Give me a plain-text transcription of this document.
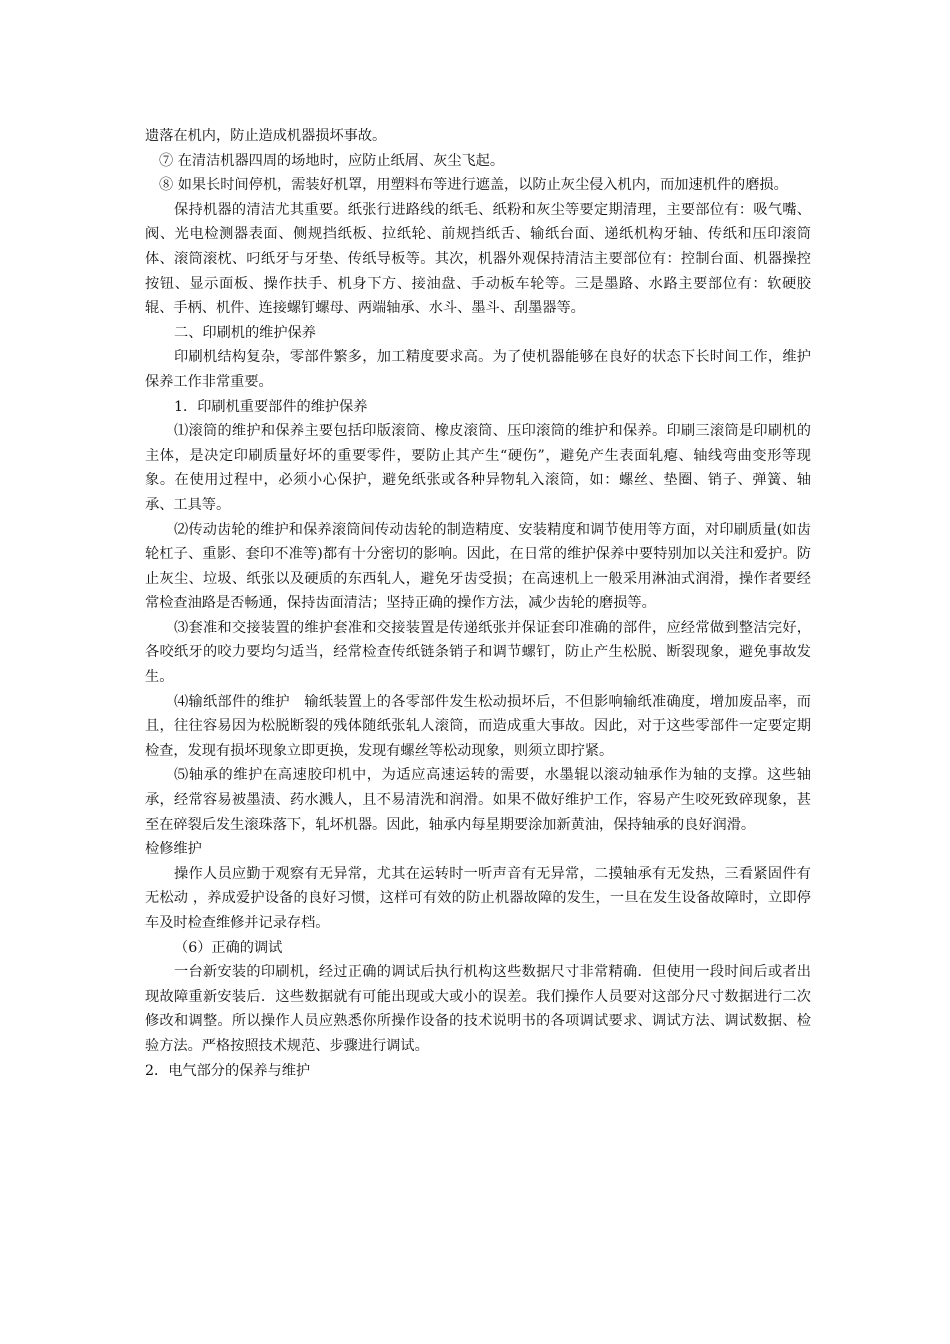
遗落在机内，防止造成机器损坏事故。

⑦ 在清洁机器四周的场地时，应防止纸屑、灰尘飞起。

⑧ 如果长时间停机，需装好机罩，用塑料布等进行遮盖，以防止灰尘侵入机内，而加速机件的磨损。

保持机器的清洁尤其重要。纸张行进路线的纸毛、纸粉和灰尘等要定期清理，主要部位有：吸气嘴、阀、光电检测器表面、侧规挡纸板、拉纸轮、前规挡纸舌、输纸台面、递纸机构牙轴、传纸和压印滚筒体、滚筒滚枕、叼纸牙与牙垫、传纸导板等。其次，机器外观保持清洁主要部位有：控制台面、机器操控按钮、显示面板、操作扶手、机身下方、接油盘、手动板车轮等。三是墨路、水路主要部位有：软硬胶辊、手柄、机件、连接螺钉螺母、两端轴承、水斗、墨斗、刮墨器等。

二、印刷机的维护保养

印刷机结构复杂，零部件繁多，加工精度要求高。为了使机器能够在良好的状态下长时间工作，维护保养工作非常重要。

1．印刷机重要部件的维护保养

⑴滚筒的维护和保养主要包括印版滚筒、橡皮滚筒、压印滚筒的维护和保养。印刷三滚筒是印刷机的主体，是决定印刷质量好坏的重要零件，要防止其产生“硬伤”，避免产生表面轧瘪、轴线弯曲变形等现象。在使用过程中，必须小心保护，避免纸张或各种异物轧入滚筒，如：螺丝、垫圈、销子、弹簧、轴承、工具等。

⑵传动齿轮的维护和保养滚筒间传动齿轮的制造精度、安装精度和调节使用等方面，对印刷质量(如齿轮杠子、重影、套印不准等)都有十分密切的影响。因此，在日常的维护保养中要特别加以关注和爱护。防止灰尘、垃圾、纸张以及硬质的东西轧人，避免牙齿受损；在高速机上一般采用淋油式润滑，操作者要经常检查油路是否畅通，保持齿面清洁；坚持正确的操作方法，减少齿轮的磨损等。

⑶套准和交接装置的维护套准和交接装置是传递纸张并保证套印准确的部件，应经常做到整洁完好，各咬纸牙的咬力要均匀适当，经常检查传纸链条销子和调节螺钉，防止产生松脱、断裂现象，避免事故发生。

⑷输纸部件的维护　输纸装置上的各零部件发生松动损坏后，不但影响输纸准确度，增加废品率，而且，往往容易因为松脱断裂的残体随纸张轧人滚筒，而造成重大事故。因此，对于这些零部件一定要定期检查，发现有损坏现象立即更换，发现有螺丝等松动现象，则须立即拧紧。

⑸轴承的维护在高速胶印机中，为适应高速运转的需要，水墨辊以滚动轴承作为轴的支撑。这些轴承，经常容易被墨渍、药水溅人，且不易清洗和润滑。如果不做好维护工作，容易产生咬死致碎现象，甚至在碎裂后发生滚珠落下，轧坏机器。因此，轴承内每星期要涂加新黄油，保持轴承的良好润滑。

检修维护

操作人员应勤于观察有无异常，尤其在运转时一听声音有无异常，二摸轴承有无发热，三看紧固件有无松动 ，养成爱护设备的良好习惯，这样可有效的防止机器故障的发生，一旦在发生设备故障时，立即停车及时检查维修并记录存档。

（6）正确的调试

一台新安装的印刷机，经过正确的调试后执行机构这些数据尺寸非常精确．但使用一段时间后或者出现故障重新安装后．这些数据就有可能出现或大或小的误差。我们操作人员要对这部分尺寸数据进行二次修改和调整。所以操作人员应熟悉你所操作设备的技术说明书的各项调试要求、调试方法、调试数据、检验方法。严格按照技术规范、步骤进行调试。

2．电气部分的保养与维护
